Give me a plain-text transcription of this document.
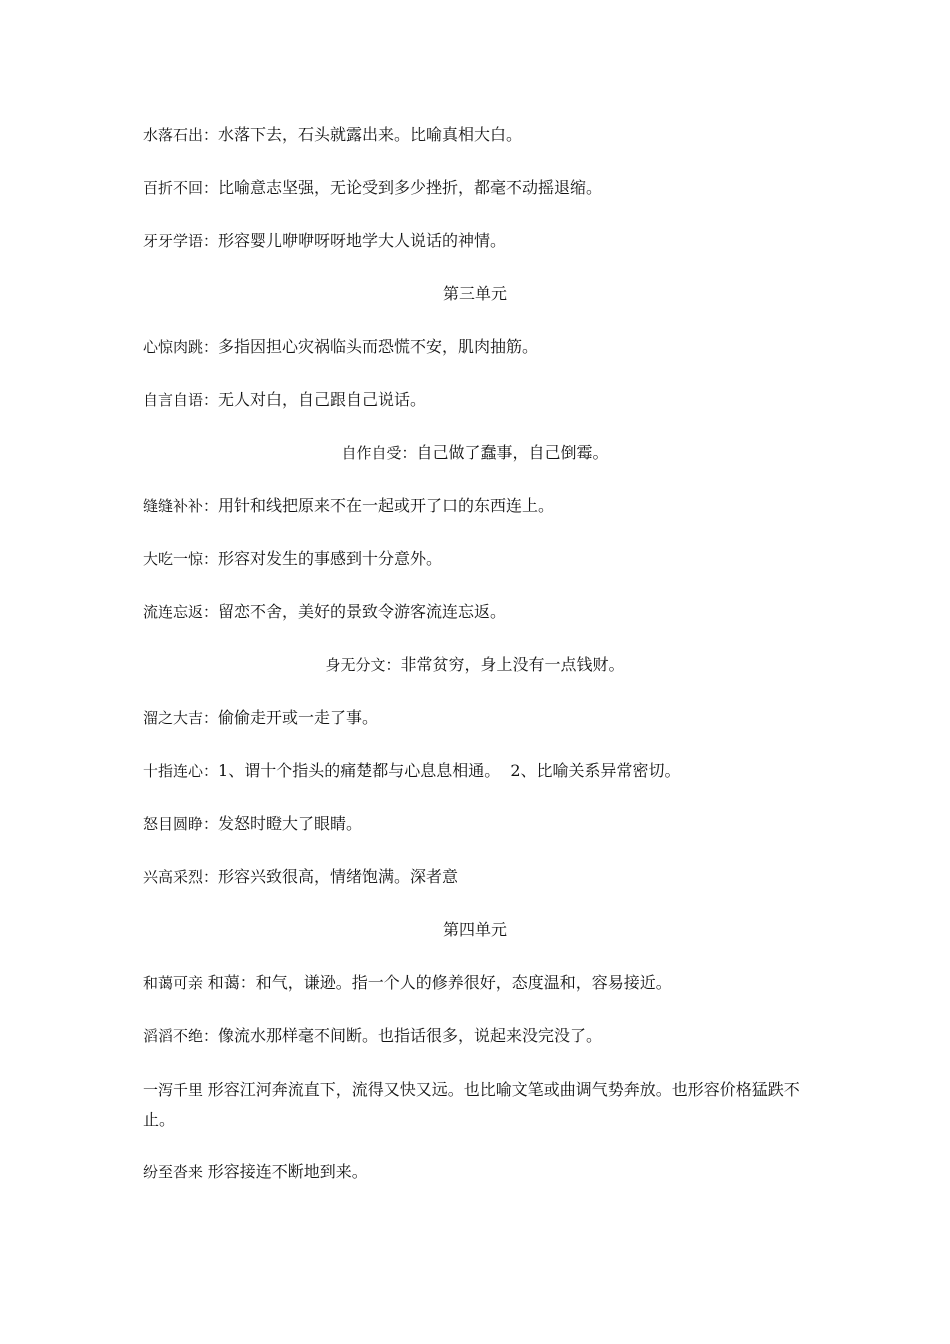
水落石出：水落下去，石头就露出来。比喻真相大白。
百折不回：比喻意志坚强，无论受到多少挫折，都毫不动摇退缩。
牙牙学语：形容婴儿咿咿呀呀地学大人说话的神情。
第三单元
心惊肉跳：多指因担心灾祸临头而恐慌不安，肌肉抽筋。
自言自语：无人对白，自己跟自己说话。
自作自受：自己做了蠢事，自己倒霉。
缝缝补补：用针和线把原来不在一起或开了口的东西连上。
大吃一惊：形容对发生的事感到十分意外。
流连忘返：留恋不舍，美好的景致令游客流连忘返。
身无分文：非常贫穷，身上没有一点钱财。
溜之大吉：偷偷走开或一走了事。
十指连心：1、谓十个指头的痛楚都与心息息相通。  2、比喻关系异常密切。
怒目圆睁：发怒时瞪大了眼睛。
兴高采烈：形容兴致很高，情绪饱满。深者意
第四单元
和蔼可亲 和蔼：和气，谦逊。指一个人的修养很好，态度温和，容易接近。
滔滔不绝：像流水那样毫不间断。也指话很多，说起来没完没了。
一泻千里 形容江河奔流直下，流得又快又远。也比喻文笔或曲调气势奔放。也形容价格猛跌不止。
纷至沓来 形容接连不断地到来。
